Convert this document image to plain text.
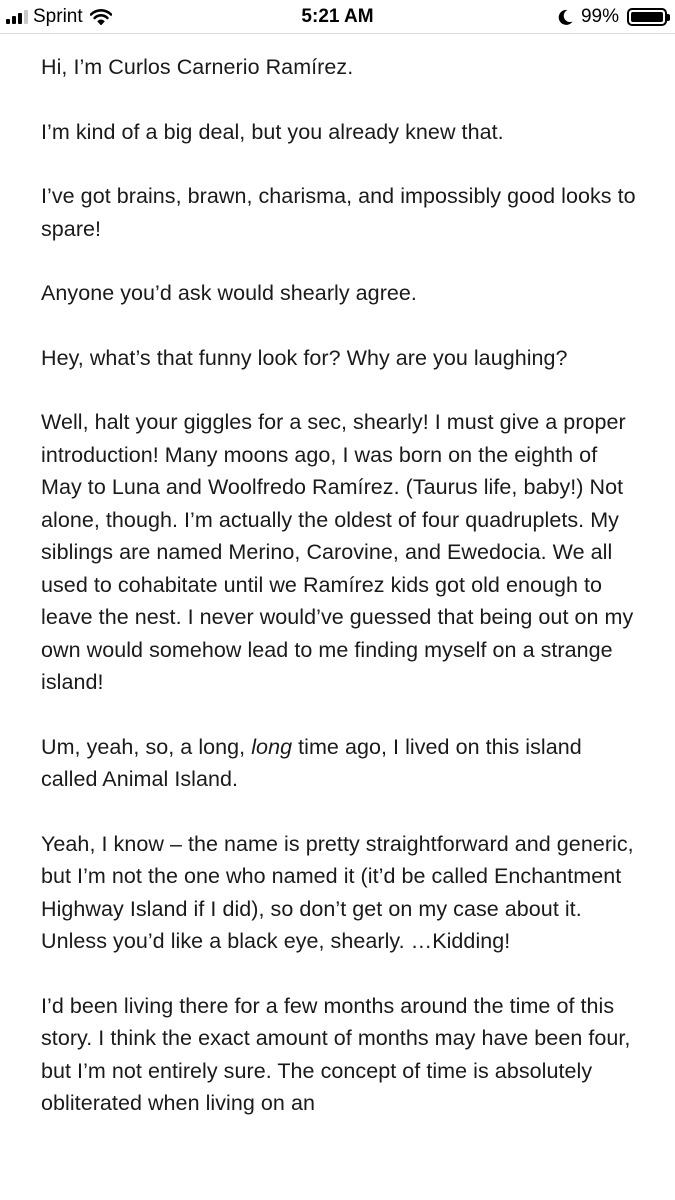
Sprint	5:21 AM	99%

Hi, I’m Curlos Carnerio Ramírez.

I’m kind of a big deal, but you already knew that.

I’ve got brains, brawn, charisma, and impossibly good looks to spare!

Anyone you’d ask would shearly agree.

Hey, what’s that funny look for? Why are you laughing?

Well, halt your giggles for a sec, shearly! I must give a proper introduction! Many moons ago, I was born on the eighth of May to Luna and Woolfredo Ramírez. (Taurus life, baby!) Not alone, though. I’m actually the oldest of four quadruplets. My siblings are named Merino, Carovine, and Ewedocia. We all used to cohabitate until we Ramírez kids got old enough to leave the nest. I never would’ve guessed that being out on my own would somehow lead to me finding myself on a strange island!

Um, yeah, so, a long, long time ago, I lived on this island called Animal Island.

Yeah, I know – the name is pretty straightforward and generic, but I’m not the one who named it (it’d be called Enchantment Highway Island if I did), so don’t get on my case about it. Unless you’d like a black eye, shearly. …Kidding!

I’d been living there for a few months around the time of this story. I think the exact amount of months may have been four, but I’m not entirely sure. The concept of time is absolutely obliterated when living on an
